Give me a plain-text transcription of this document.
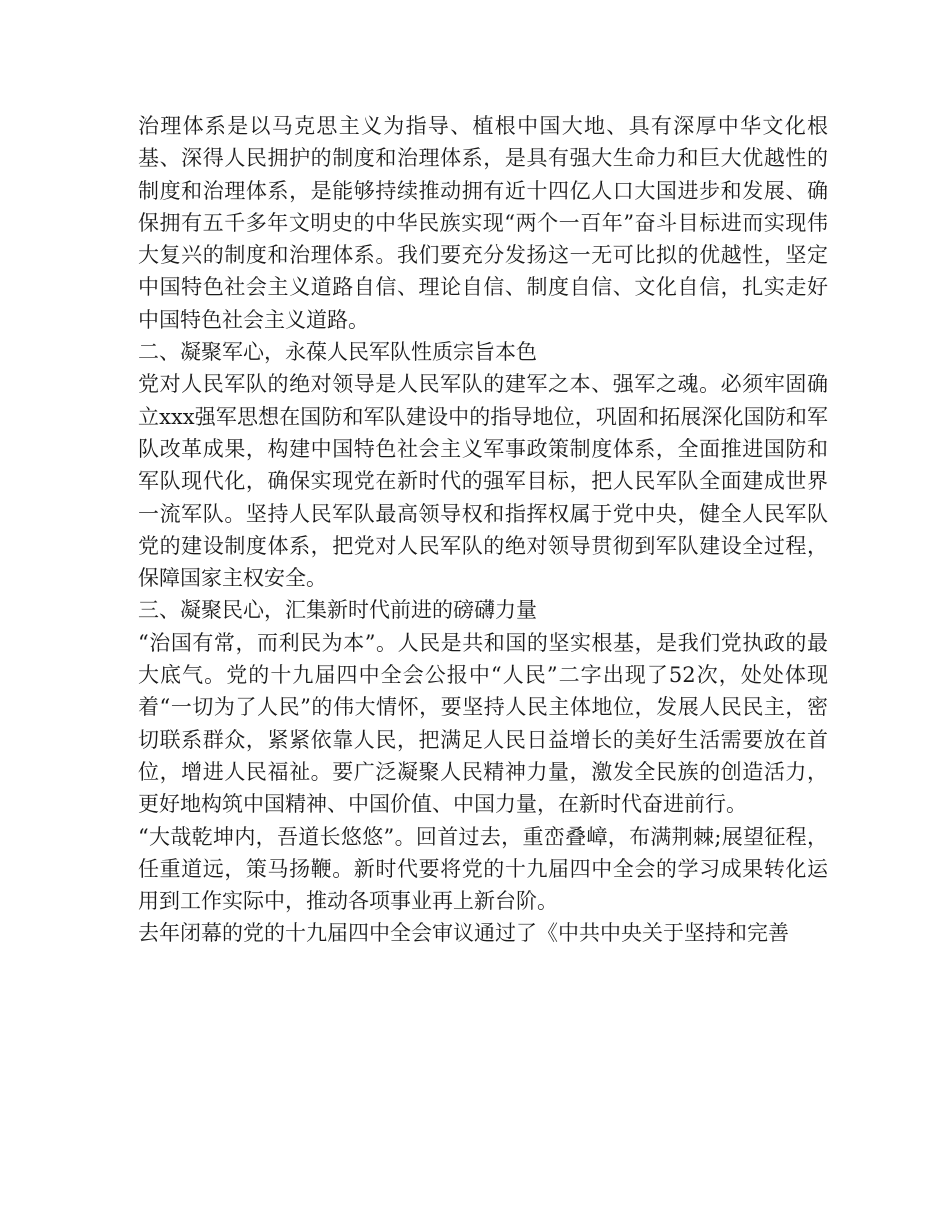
治理体系是以马克思主义为指导、植根中国大地、具有深厚中华文化根基、深得人民拥护的制度和治理体系，是具有强大生命力和巨大优越性的制度和治理体系，是能够持续推动拥有近十四亿人口大国进步和发展、确保拥有五千多年文明史的中华民族实现“两个一百年”奋斗目标进而实现伟大复兴的制度和治理体系。我们要充分发扬这一无可比拟的优越性，坚定中国特色社会主义道路自信、理论自信、制度自信、文化自信，扎实走好中国特色社会主义道路。

二、凝聚军心，永葆人民军队性质宗旨本色

党对人民军队的绝对领导是人民军队的建军之本、强军之魂。必须牢固确立xxx强军思想在国防和军队建设中的指导地位，巩固和拓展深化国防和军队改革成果，构建中国特色社会主义军事政策制度体系，全面推进国防和军队现代化，确保实现党在新时代的强军目标，把人民军队全面建成世界一流军队。坚持人民军队最高领导权和指挥权属于党中央，健全人民军队党的建设制度体系，把党对人民军队的绝对领导贯彻到军队建设全过程，保障国家主权安全。

三、凝聚民心，汇集新时代前进的磅礴力量

“治国有常，而利民为本”。人民是共和国的坚实根基，是我们党执政的最大底气。党的十九届四中全会公报中“人民”二字出现了52次，处处体现着“一切为了人民”的伟大情怀，要坚持人民主体地位，发展人民民主，密切联系群众，紧紧依靠人民，把满足人民日益增长的美好生活需要放在首位，增进人民福祉。要广泛凝聚人民精神力量，激发全民族的创造活力，更好地构筑中国精神、中国价值、中国力量，在新时代奋进前行。

“大哉乾坤内，吾道长悠悠”。回首过去，重峦叠嶂，布满荆棘;展望征程，任重道远，策马扬鞭。新时代要将党的十九届四中全会的学习成果转化运用到工作实际中，推动各项事业再上新台阶。

去年闭幕的党的十九届四中全会审议通过了《中共中央关于坚持和完善
